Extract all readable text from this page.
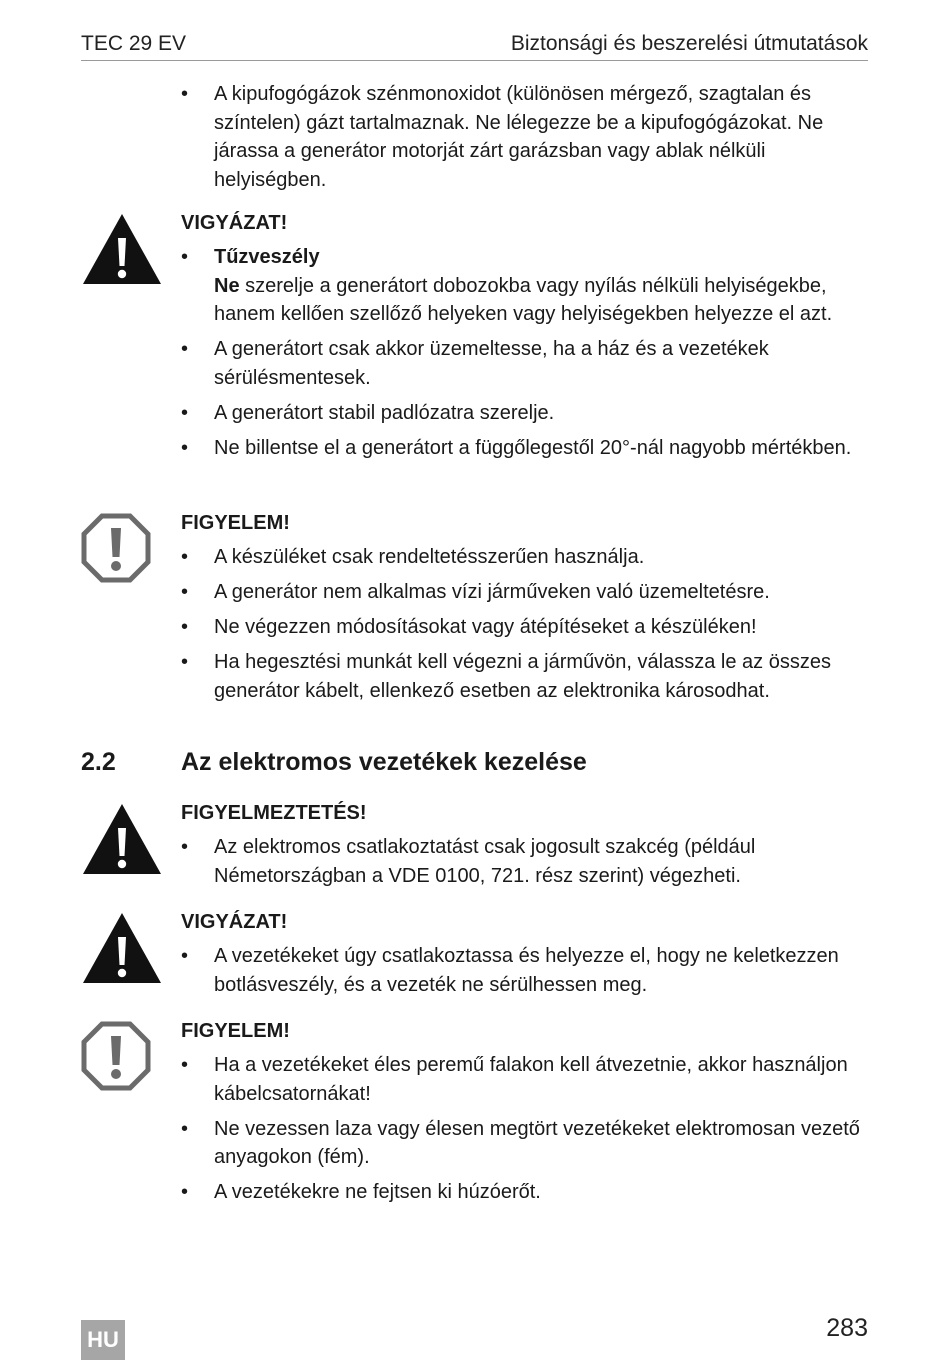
TEC 29 EV	Biztonsági és beszerelési útmutatások
• A kipufogógázok szénmonoxidot (különösen mérgező, szagtalan és színtelen) gázt tartalmaznak. Ne lélegezze be a kipufogógázokat. Ne járassa a generátor motorját zárt garázsban vagy ablak nélküli helyiségben.
VIGYÁZAT!
• Tűzveszély
Ne szerelje a generátort dobozokba vagy nyílás nélküli helyiségekbe, hanem kellően szellőző helyeken vagy helyiségekben helyezze el azt.
• A generátort csak akkor üzemeltesse, ha a ház és a vezetékek sérülésmentesek.
• A generátort stabil padlózatra szerelje.
• Ne billentse el a generátort a függőlegestől 20°-nál nagyobb mértékben.
FIGYELEM!
• A készüléket csak rendeltetésszerűen használja.
• A generátor nem alkalmas vízi járműveken való üzemeltetésre.
• Ne végezzen módosításokat vagy átépítéseket a készüléken!
• Ha hegesztési munkát kell végezni a járművön, válassza le az összes generátor kábelt, ellenkező esetben az elektronika károsodhat.
2.2	Az elektromos vezetékek kezelése
FIGYELMEZTETÉS!
• Az elektromos csatlakoztatást csak jogosult szakcég (például Németországban a VDE 0100, 721. rész szerint) végezheti.
VIGYÁZAT!
• A vezetékeket úgy csatlakoztassa és helyezze el, hogy ne keletkezzen botlásveszély, és a vezeték ne sérülhessen meg.
FIGYELEM!
• Ha a vezetékeket éles peremű falakon kell átvezetnie, akkor használjon kábelcsatornákat!
• Ne vezessen laza vagy élesen megtört vezetékeket elektromosan vezető anyagokon (fém).
• A vezetékekre ne fejtsen ki húzóerőt.
HU	283
